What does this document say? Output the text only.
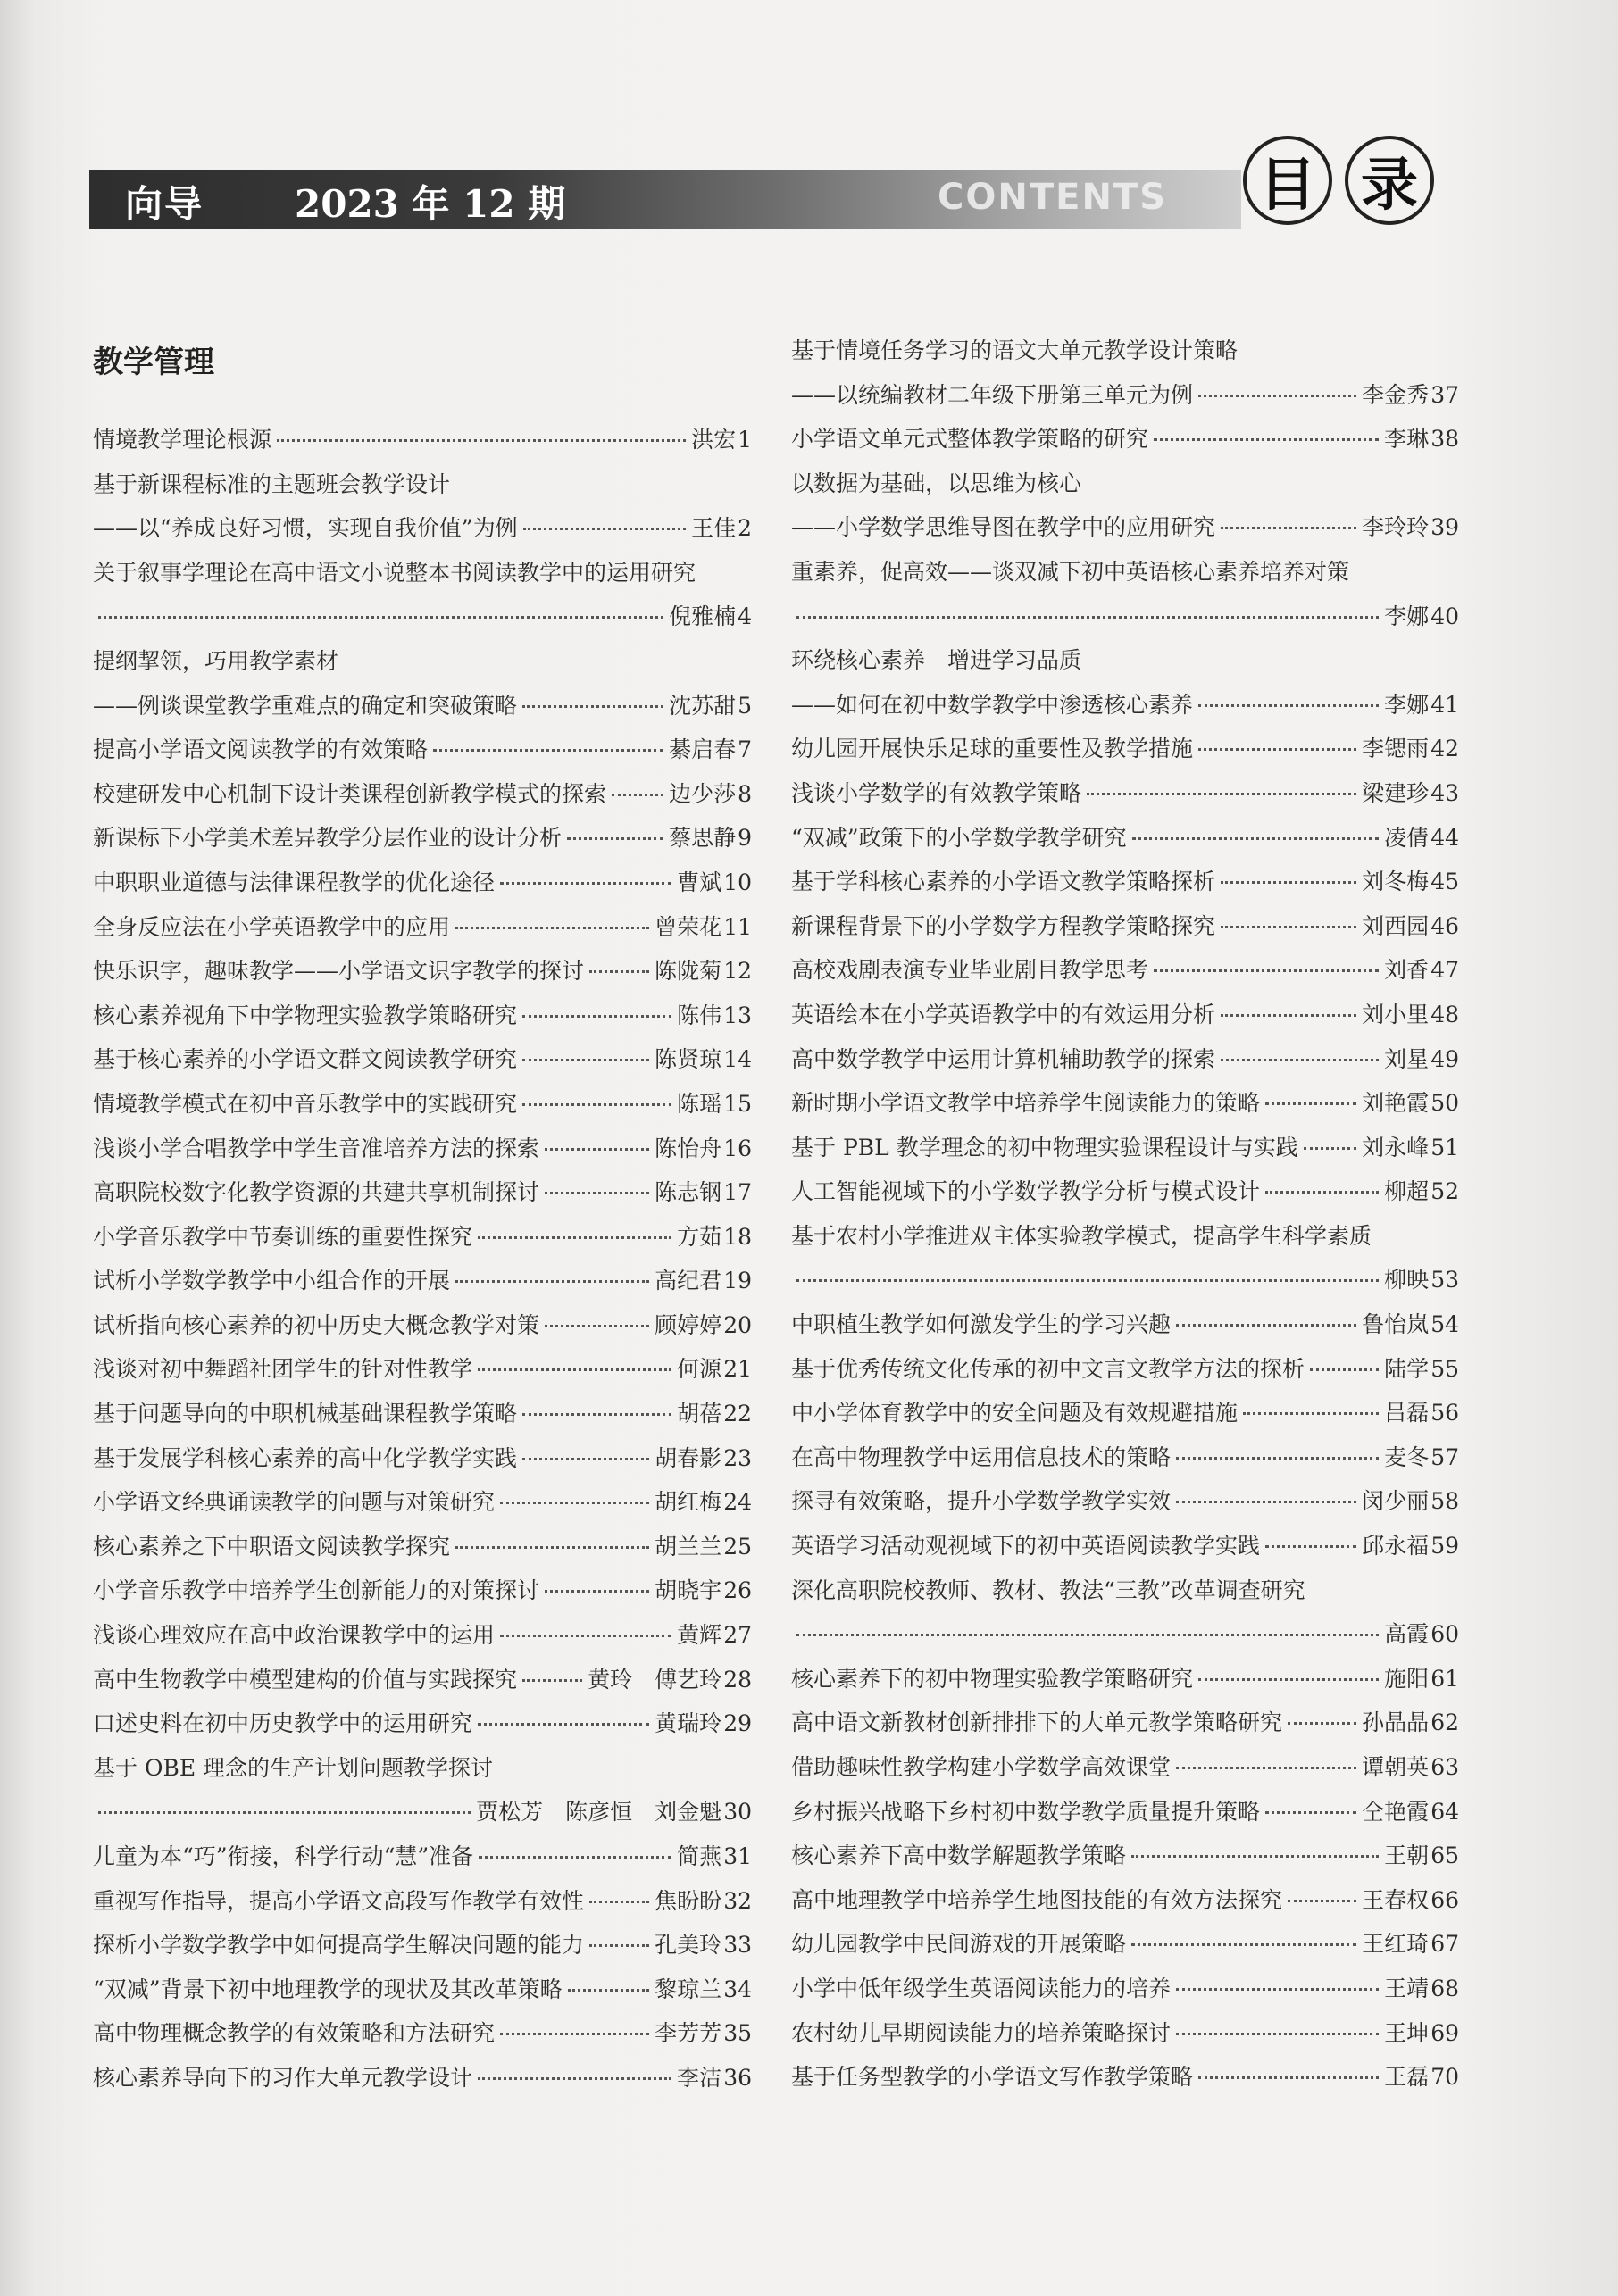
向导 2023 年 12 期	CONTENTS 目 录
教学管理
情境教学理论根源	洪宏 1
基于新课程标准的主题班会教学设计
——以“养成良好习惯，实现自我价值”为例	王佳 2
关于叙事学理论在高中语文小说整本书阅读教学中的运用研究
倪雅楠 4
提纲挈领，巧用教学素材
——例谈课堂教学重难点的确定和突破策略	沈苏甜 5
提高小学语文阅读教学的有效策略	綦启春 7
校建研发中心机制下设计类课程创新教学模式的探索	边少莎 8
新课标下小学美术差异教学分层作业的设计分析	蔡思静 9
中职职业道德与法律课程教学的优化途径	曹斌 10
全身反应法在小学英语教学中的应用	曾荣花 11
快乐识字，趣味教学——小学语文识字教学的探讨	陈陇菊 12
核心素养视角下中学物理实验教学策略研究	陈伟 13
基于核心素养的小学语文群文阅读教学研究	陈贤琼 14
情境教学模式在初中音乐教学中的实践研究	陈瑶 15
浅谈小学合唱教学中学生音准培养方法的探索	陈怡舟 16
高职院校数字化教学资源的共建共享机制探讨	陈志钢 17
小学音乐教学中节奏训练的重要性探究	方茹 18
试析小学数学教学中小组合作的开展	高纪君 19
试析指向核心素养的初中历史大概念教学对策	顾婷婷 20
浅谈对初中舞蹈社团学生的针对性教学	何源 21
基于问题导向的中职机械基础课程教学策略	胡蓓 22
基于发展学科核心素养的高中化学教学实践	胡春影 23
小学语文经典诵读教学的问题与对策研究	胡红梅 24
核心素养之下中职语文阅读教学探究	胡兰兰 25
小学音乐教学中培养学生创新能力的对策探讨	胡晓宇 26
浅谈心理效应在高中政治课教学中的运用	黄辉 27
高中生物教学中模型建构的价值与实践探究	黄玲　傅艺玲 28
口述史料在初中历史教学中的运用研究	黄瑞玲 29
基于 OBE 理念的生产计划问题教学探讨
贾松芳　陈彦恒　刘金魁 30
儿童为本“巧”衔接，科学行动“慧”准备	简燕 31
重视写作指导，提高小学语文高段写作教学有效性	焦盼盼 32
探析小学数学教学中如何提高学生解决问题的能力	孔美玲 33
“双减”背景下初中地理教学的现状及其改革策略	黎琼兰 34
高中物理概念教学的有效策略和方法研究	李芳芳 35
核心素养导向下的习作大单元教学设计	李洁 36
基于情境任务学习的语文大单元教学设计策略
——以统编教材二年级下册第三单元为例	李金秀 37
小学语文单元式整体教学策略的研究	李琳 38
以数据为基础，以思维为核心
——小学数学思维导图在教学中的应用研究	李玲玲 39
重素养，促高效——谈双减下初中英语核心素养培养对策
李娜 40
环绕核心素养　增进学习品质
——如何在初中数学教学中渗透核心素养	李娜 41
幼儿园开展快乐足球的重要性及教学措施	李锶雨 42
浅谈小学数学的有效教学策略	梁建珍 43
“双减”政策下的小学数学教学研究	凌倩 44
基于学科核心素养的小学语文教学策略探析	刘冬梅 45
新课程背景下的小学数学方程教学策略探究	刘西园 46
高校戏剧表演专业毕业剧目教学思考	刘香 47
英语绘本在小学英语教学中的有效运用分析	刘小里 48
高中数学教学中运用计算机辅助教学的探索	刘星 49
新时期小学语文教学中培养学生阅读能力的策略	刘艳霞 50
基于 PBL 教学理念的初中物理实验课程设计与实践	刘永峰 51
人工智能视域下的小学数学教学分析与模式设计	柳超 52
基于农村小学推进双主体实验教学模式，提高学生科学素质
柳映 53
中职植生教学如何激发学生的学习兴趣	鲁怡岚 54
基于优秀传统文化传承的初中文言文教学方法的探析	陆学 55
中小学体育教学中的安全问题及有效规避措施	吕磊 56
在高中物理教学中运用信息技术的策略	麦冬 57
探寻有效策略，提升小学数学教学实效	闵少丽 58
英语学习活动观视域下的初中英语阅读教学实践	邱永福 59
深化高职院校教师、教材、教法“三教”改革调查研究
高霞 60
核心素养下的初中物理实验教学策略研究	施阳 61
高中语文新教材创新排排下的大单元教学策略研究	孙晶晶 62
借助趣味性教学构建小学数学高效课堂	谭朝英 63
乡村振兴战略下乡村初中数学教学质量提升策略	仝艳霞 64
核心素养下高中数学解题教学策略	王朝 65
高中地理教学中培养学生地图技能的有效方法探究	王春权 66
幼儿园教学中民间游戏的开展策略	王红琦 67
小学中低年级学生英语阅读能力的培养	王靖 68
农村幼儿早期阅读能力的培养策略探讨	王坤 69
基于任务型教学的小学语文写作教学策略	王磊 70
